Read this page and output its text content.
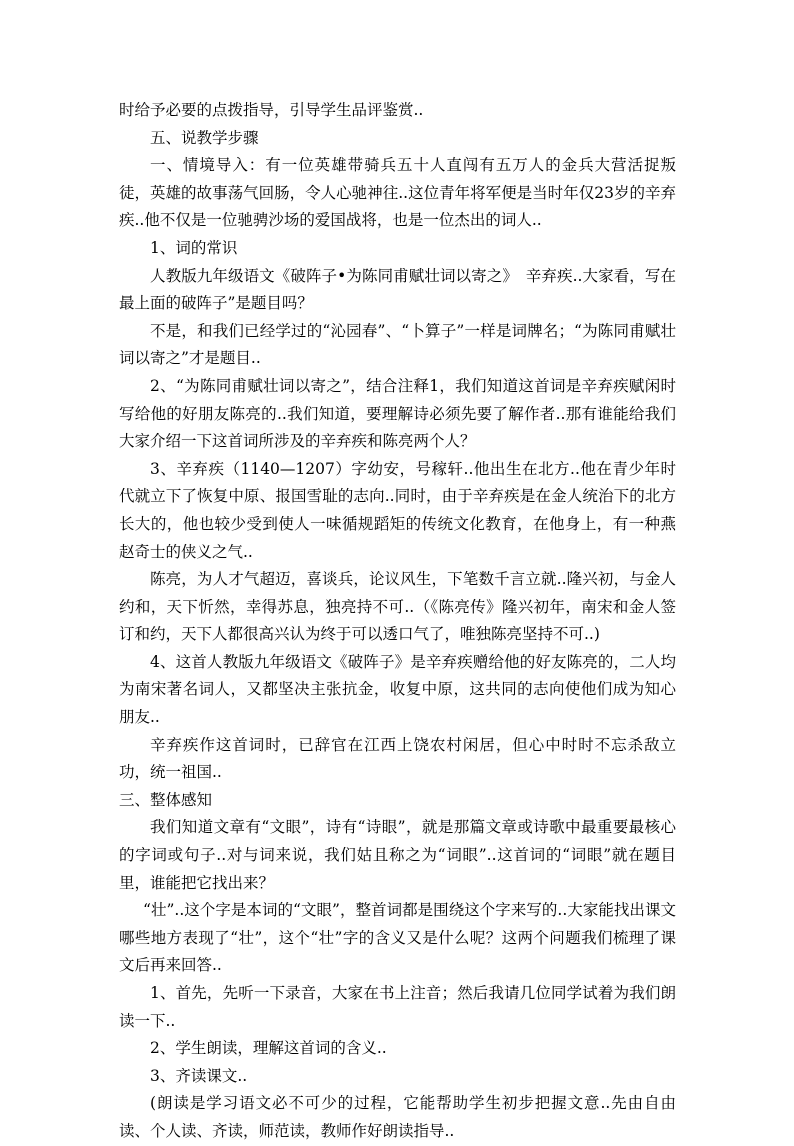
时给予必要的点拨指导，引导学生品评鉴赏..

五、说教学步骤

一、情境导入：有一位英雄带骑兵五十人直闯有五万人的金兵大营活捉叛徒，英雄的故事荡气回肠，令人心驰神往..这位青年将军便是当时年仅23岁的辛弃疾..他不仅是一位驰骋沙场的爱国战将，也是一位杰出的词人..

1、词的常识

人教版九年级语文《破阵子•为陈同甫赋壮词以寄之》　辛弃疾..大家看，写在最上面的破阵子”是题目吗？

不是，和我们已经学过的“沁园春”、“卜算子”一样是词牌名；“为陈同甫赋壮词以寄之”才是题目..

2、“为陈同甫赋壮词以寄之”，结合注释1，我们知道这首词是辛弃疾赋闲时写给他的好朋友陈亮的..我们知道，要理解诗必须先要了解作者..那有谁能给我们大家介绍一下这首词所涉及的辛弃疾和陈亮两个人？

3、辛弃疾（1140—1207）字幼安，号稼轩..他出生在北方..他在青少年时代就立下了恢复中原、报国雪耻的志向..同时，由于辛弃疾是在金人统治下的北方长大的，他也较少受到使人一味循规蹈矩的传统文化教育，在他身上，有一种燕赵奇士的侠义之气..

陈亮，为人才气超迈，喜谈兵，论议风生，下笔数千言立就..隆兴初，与金人约和，天下忻然，幸得苏息，独亮持不可..（《陈亮传》隆兴初年，南宋和金人签订和约，天下人都很高兴认为终于可以透口气了，唯独陈亮坚持不可..)

4、这首人教版九年级语文《破阵子》是辛弃疾赠给他的好友陈亮的，二人均为南宋著名词人，又都坚决主张抗金，收复中原，这共同的志向使他们成为知心朋友..

辛弃疾作这首词时，已辞官在江西上饶农村闲居，但心中时时不忘杀敌立功，统一祖国..

三、整体感知

我们知道文章有“文眼”，诗有“诗眼”，就是那篇文章或诗歌中最重要最核心的字词或句子..对与词来说，我们姑且称之为“词眼”..这首词的“词眼”就在题目里，谁能把它找出来？

“壮”..这个字是本词的“文眼”，整首词都是围绕这个字来写的..大家能找出课文哪些地方表现了“壮”，这个“壮”字的含义又是什么呢？这两个问题我们梳理了课文后再来回答..

1、首先，先听一下录音，大家在书上注音；然后我请几位同学试着为我们朗读一下..

2、学生朗读，理解这首词的含义..

3、齐读课文..

(朗读是学习语文必不可少的过程，它能帮助学生初步把握文意..先由自由读、个人读、齐读，师范读，教师作好朗读指导..
